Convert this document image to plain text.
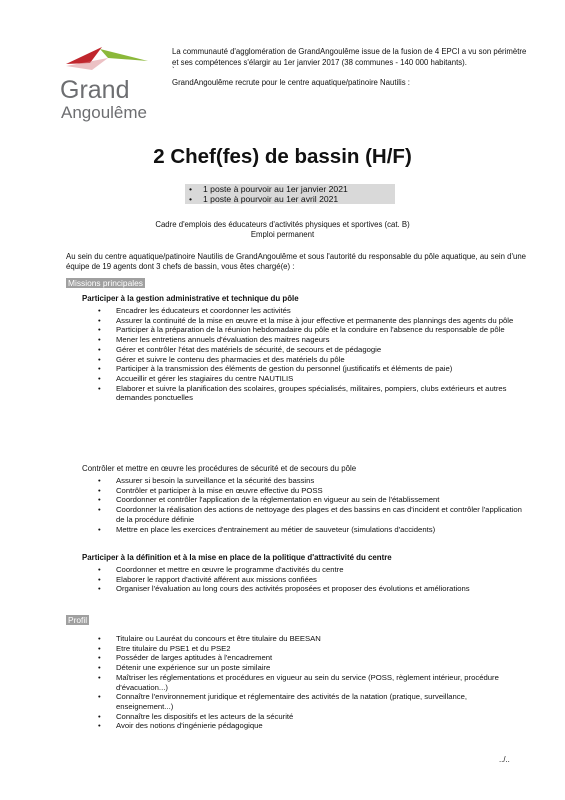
Grand
Angoulême

La communauté d'agglomération de GrandAngoulême issue de la fusion de 4 EPCI a vu son périmètre et ses compétences s'élargir au 1er janvier 2017 (38 communes - 140 000 habitants).

`

GrandAngoulême recrute pour le centre aquatique/patinoire Nautilis :

2 Chef(fes) de bassin (H/F)
• 1 poste à pourvoir au 1er janvier 2021
• 1 poste à pourvoir au 1er avril 2021

Cadre d'emplois des éducateurs d'activités physiques et sportives (cat. B)

Emploi permanent

Au sein du centre aquatique/patinoire Nautilis de GrandAngoulême et sous l'autorité du responsable du pôle aquatique, au sein d'une équipe de 19 agents dont 3 chefs de bassin, vous êtes chargé(e) :

Missions principales

Participer à la gestion administrative et technique du pôle

• Encadrer les éducateurs et coordonner les activités
• Assurer la continuité de la mise en œuvre et la mise à jour effective et permanente des plannings des agents du pôle
• Participer à la préparation de la réunion hebdomadaire du pôle et la conduire en l'absence du responsable de pôle
• Mener les entretiens annuels d'évaluation des maitres nageurs
• Gérer et contrôler l'état des matériels de sécurité, de secours et de pédagogie
• Gérer et suivre le contenu des pharmacies et des matériels du pôle
• Participer à la transmission des éléments de gestion du personnel (justificatifs et éléments de paie)
• Accueillir et gérer les stagiaires du centre NAUTILIS
• Elaborer et suivre la planification des scolaires, groupes spécialisés, militaires, pompiers, clubs extérieurs et autres demandes ponctuelles

Contrôler et mettre en œuvre les procédures de sécurité et de secours du pôle

• Assurer si besoin la surveillance et la sécurité des bassins
• Contrôler et participer à la mise en œuvre effective du POSS
• Coordonner et contrôler l'application de la réglementation en vigueur au sein de l'établissement
• Coordonner la réalisation des actions de nettoyage des plages et des bassins en cas d'incident et contrôler l'application de la procédure définie
• Mettre en place les exercices d'entrainement au métier de sauveteur (simulations d'accidents)

Participer à la définition et à la mise en place de la politique d'attractivité du centre

• Coordonner et mettre en œuvre le programme d'activités du centre
• Elaborer le rapport d'activité afférent aux missions confiées
• Organiser l'évaluation au long cours des activités proposées et proposer des évolutions et améliorations
Profil
• Titulaire ou Lauréat du concours et être titulaire du BEESAN
• Etre titulaire du PSE1 et du PSE2
• Posséder de larges aptitudes à l'encadrement
• Détenir une expérience sur un poste similaire
• Maîtriser les réglementations et procédures en vigueur au sein du service (POSS, règlement intérieur, procédure d'évacuation...)
• Connaître l'environnement juridique et réglementaire des activités de la natation (pratique, surveillance, enseignement...)
• Connaître les dispositifs et les acteurs de la sécurité
• Avoir des notions d'ingénierie pédagogique
../..
